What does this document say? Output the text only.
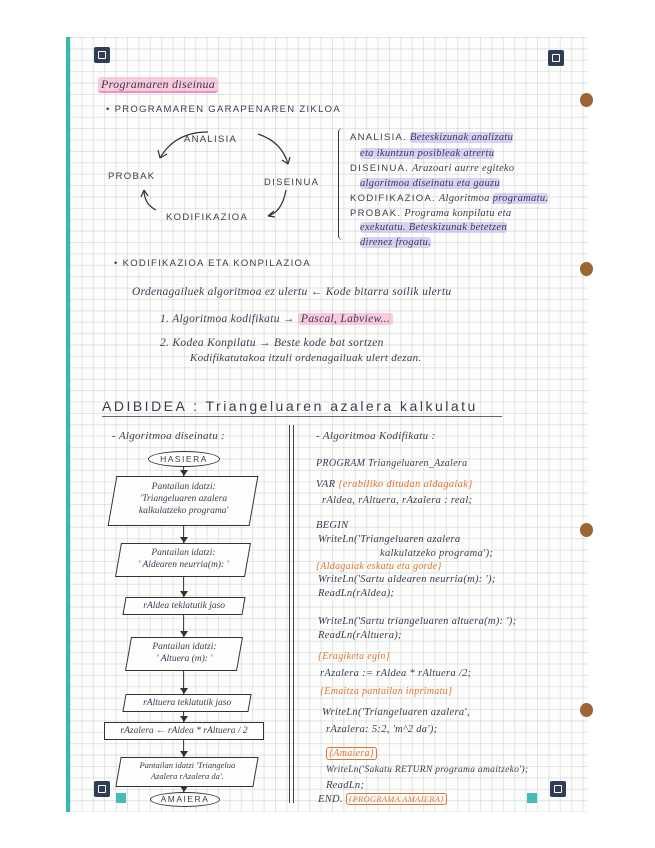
Programaren diseinua
• PROGRAMAREN GARAPENAREN ZIKLOA
ANALISIA
DISEINUA
KODIFIKAZIOA
PROBAK
ANALISIA. Beteskizunak analizatu
eta ikuntzun posibleak atrertu
DISEINUA. Arazoari aurre egiteko
algoritmoa diseinatu eta gauzu
KODIFIKAZIOA. Algoritmoa programatu.
PROBAK. Programa konpilatu eta
exekutatu. Beteskizunak betetzen
direnez frogatu.
• KODIFIKAZIOA ETA KONPILAZIOA
Ordenagailuek algoritmoa ez ulertu ← Kode bitarra soilik ulertu
1. Algoritmoa kodifikatu → Pascal, Labview...
2. Kodea Konpilatu → Beste kode bat sortzen
Kodifikatutakoa itzuli ordenagailuak ulert dezan.
ADIBIDEA : Triangeluaren azalera kalkulatu
- Algoritmoa diseinatu :	- Algoritmoa Kodifikatu :
HASIERA
Pantailan idatzi:
'Triangeluaren azalera
kalkulatzeko programa'
Pantailan idatzi:
' Aldearen neurria(m): '
rAldea teklatutik jaso
Pantailan idatzi:
' Altuera (m): '
rAltuera teklatutik jaso
rAzalera ← rAldea * rAltuera / 2
Pantailan idatzi 'Triangelua
Azalera rAzalera da'.
AMAIERA
PROGRAM Triangeluaren_Azalera
VAR {erabiliko ditudan aldagaiak}
rAldea, rAltuera, rAzalera : real;
BEGIN
WriteLn('Triangeluaren azalera
kalkulatzeko programa');
{Aldagaiak eskatu eta gorde}
WriteLn('Sartu aldearen neurria(m): ');
ReadLn(rAldea);
WriteLn('Sartu triangeluaren altuera(m): ');
ReadLn(rAltuera);
{Eragiketa egin}
rAzalera := rAldea * rAltuera /2;
{Emaitza pantailan inprimatu}
WriteLn('Triangeluaren azalera',
rAzalera: 5:2, 'm^2 da');
{Amaiera}
WriteLn('Sakatu RETURN programa amaitzeko');
ReadLn;
END. {PROGRAMA AMAIERA}
